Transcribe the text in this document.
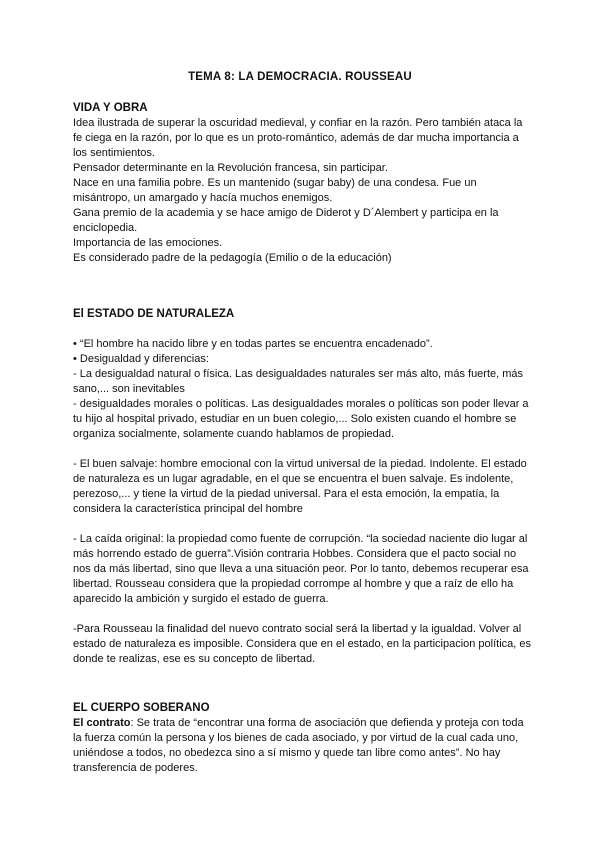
TEMA 8: LA DEMOCRACIA. ROUSSEAU

VIDA Y OBRA

Idea ilustrada de superar la oscuridad medieval, y confiar en la razón. Pero también ataca la fe ciega en la razón, por lo que es un proto-romántico, además de dar mucha importancia a los sentimientos.

Pensador determinante en la Revolución francesa, sin participar.

Nace en una familia pobre. Es un mantenido (sugar baby) de una condesa. Fue un misántropo, un amargado y hacía muchos enemigos.

Gana premio de la academia y se hace amigo de Diderot y D´Alembert y participa en la enciclopedia.

Importancia de las emociones.

Es considerado padre de la pedagogía (Emilio o de la educación)

El ESTADO DE NATURALEZA

• “El hombre ha nacido libre y en todas partes se encuentra encadenado”.

• Desigualdad y diferencias:

- La desigualdad natural o física. Las desigualdades naturales ser más alto, más fuerte, más sano,... son inevitables

- desigualdades morales o políticas. Las desigualdades morales o políticas son poder llevar a tu hijo al hospital privado, estudiar en un buen colegio,... Solo existen cuando el hombre se organiza socialmente, solamente cuando hablamos de propiedad.

- El buen salvaje: hombre emocional con la virtud universal de la piedad. Indolente. El estado de naturaleza es un lugar agradable, en el que se encuentra el buen salvaje. Es indolente, perezoso,... y tiene la virtud de la piedad universal. Para el esta emoción, la empatía, la considera la característica principal del hombre

- La caída original: la propiedad como fuente de corrupción. “la sociedad naciente dio lugar al más horrendo estado de guerra”.Visión contraria Hobbes. Considera que el pacto social no nos da más libertad, sino que lleva a una situación peor. Por lo tanto, debemos recuperar esa libertad. Rousseau considera que la propiedad corrompe al hombre y que a raíz de ello ha aparecido la ambición y surgido el estado de guerra.

-Para Rousseau la finalidad del nuevo contrato social será la libertad y la igualdad. Volver al estado de naturaleza es imposible. Considera que en el estado, en la participacion política, es donde te realizas, ese es su concepto de libertad.

EL CUERPO SOBERANO

El contrato: Se trata de “encontrar una forma de asociación que defienda y proteja con toda la fuerza común la persona y los bienes de cada asociado, y por virtud de la cual cada uno, uniéndose a todos, no obedezca sino a sí mismo y quede tan libre como antes”. No hay transferencia de poderes.
